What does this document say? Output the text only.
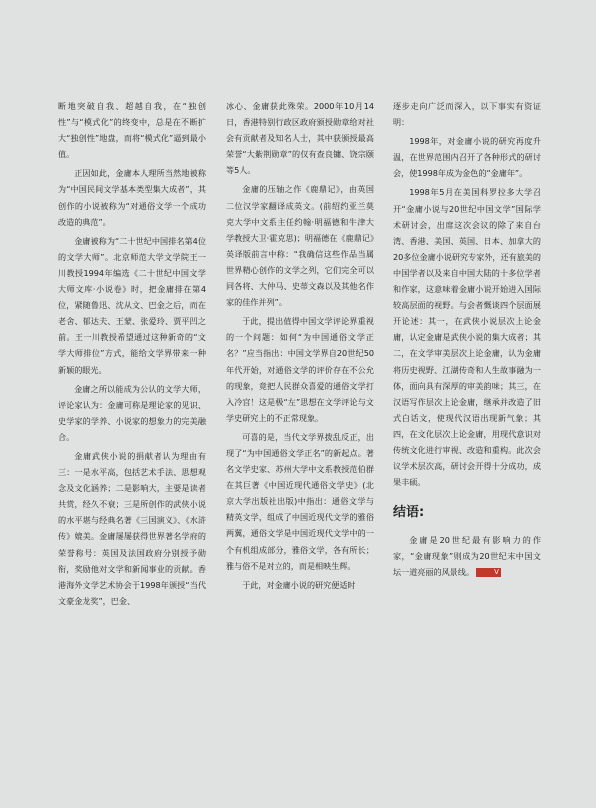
断地突破自我、超越自我，在“独创性”与“模式化”的终变中，总是在不断扩大“独创性”地盘，而将“模式化”逼到最小值。

正因如此，金庸本人理所当然地被称为“中国民间文学基本类型集大成者”，其创作的小说被称为“对通俗文学一个成功改造的典范”。

金庸被称为“二十世纪中国排名第4位的文学大师”。北京师范大学文学院王一川教授1994年编选《二十世纪中国文学大师文库·小说卷》时，把金庸排在第4位，紧随鲁迅、沈从文、巴金之后，而在老舍、郁达夫、王蒙、张爱玲、贾平凹之前。王一川教授希望通过这种新奇的“文学大师排位”方式，能给文学界带来一种新颖的眼光。

金庸之所以能成为公认的文学大师，评论家认为：金庸可称是理论家的见识、史学家的学养、小说家的想象力的完美融合。

金庸武侠小说的捐献者认为理由有三：一是水平高，包括艺术手法、思想观念及文化涵养；二是影响大，主要是读者共赏，经久不衰；三是所创作的武侠小说的水平堪与经典名著《三国演义》、《水浒传》媲美。金庸屡屡获得世界著名学府的荣誉称号：英国及法国政府分别授予勋衔，奖励他对文学和新闻事业的贡献。香港海外文学艺术协会于1998年颁授“当代文豪金龙奖”，巴金、

冰心、金庸获此殊荣。2000年10月14日，香港特别行政区政府颁授勋章给对社会有贡献者及知名人士，其中获颁授最高荣誉“大紫荆勋章”的仅有查良镛、饶宗颐等5人。

金庸的压轴之作《鹿鼎记》，由英国二位汉学家翻译成英文。(前绍约亚兰莫克大学中文系主任约翰·明福德和牛津大学教授大卫·霍克思)；明福德在《鹿鼎记》英译版前言中称：“我确信这些作品当属世界精心创作的文学之列，它们完全可以同各将、大仲马、史蒂文森以及其他名作家的佳作并列”。

于此，提出值得中国文学评论界重视的一个问题：如何“为中国通俗文学正名？”应当指出：中国文学界自20世纪50年代开始，对通俗文学的评价存在不公允的现象，竟把人民群众喜爱的通俗文学打入冷宫！这是极“左”思想在文学评论与文学史研究上的不正常现象。

可喜的是，当代文学界拨乱反正，出现了“为中国通俗文学正名”的新起点。著名文学史家、苏州大学中文系教授范伯群在其巨著《中国近现代通俗文学史》(北京大学出版社出版)中指出：通俗文学与精英文学，组成了中国近现代文学的雅俗两翼，通俗文学是中国近现代文学中的一个有机组成部分，雅俗文学，各有所长；雅与俗不是对立的，而是相映生辉。

于此，对金庸小说的研究便适时

逐步走向广泛而深入，以下事实有资证明：

1998年，对金庸小说的研究再度升温，在世界范围内召开了各种形式的研讨会，使1998年成为金色的“金庸年”。

1998年5月在美国科罗拉多大学召开“金庸小说与20世纪中国文学”国际学术研讨会，出席这次会议的除了来自台湾、香港、美国、英国、日本、加拿大的20多位金庸小说研究专家外，还有旅美的中国学者以及来自中国大陆的十多位学者和作家，这意味着金庸小说开始进入国际较高层面的视野。与会者慨谈四个层面展开论述：其一，在武侠小说层次上论金庸，认定金庸是武侠小说的集大成者；其二，在文学审美层次上论金庸，认为金庸将历史视野、江湖传奇和人生故事融为一体，面向具有深厚的审美韵味；其三，在汉语写作层次上论金庸，继承并改造了旧式白话文，使现代汉语出现新气象；其四，在文化层次上论金庸，用现代意识对传统文化进行审视、改造和重构。此次会议学术层次高，研讨会开得十分成功，成果丰硕。

结语:

金庸是20世纪最有影响力的作家，“金庸现象”则成为20世纪末中国文坛一道亮丽的风景线。	V
